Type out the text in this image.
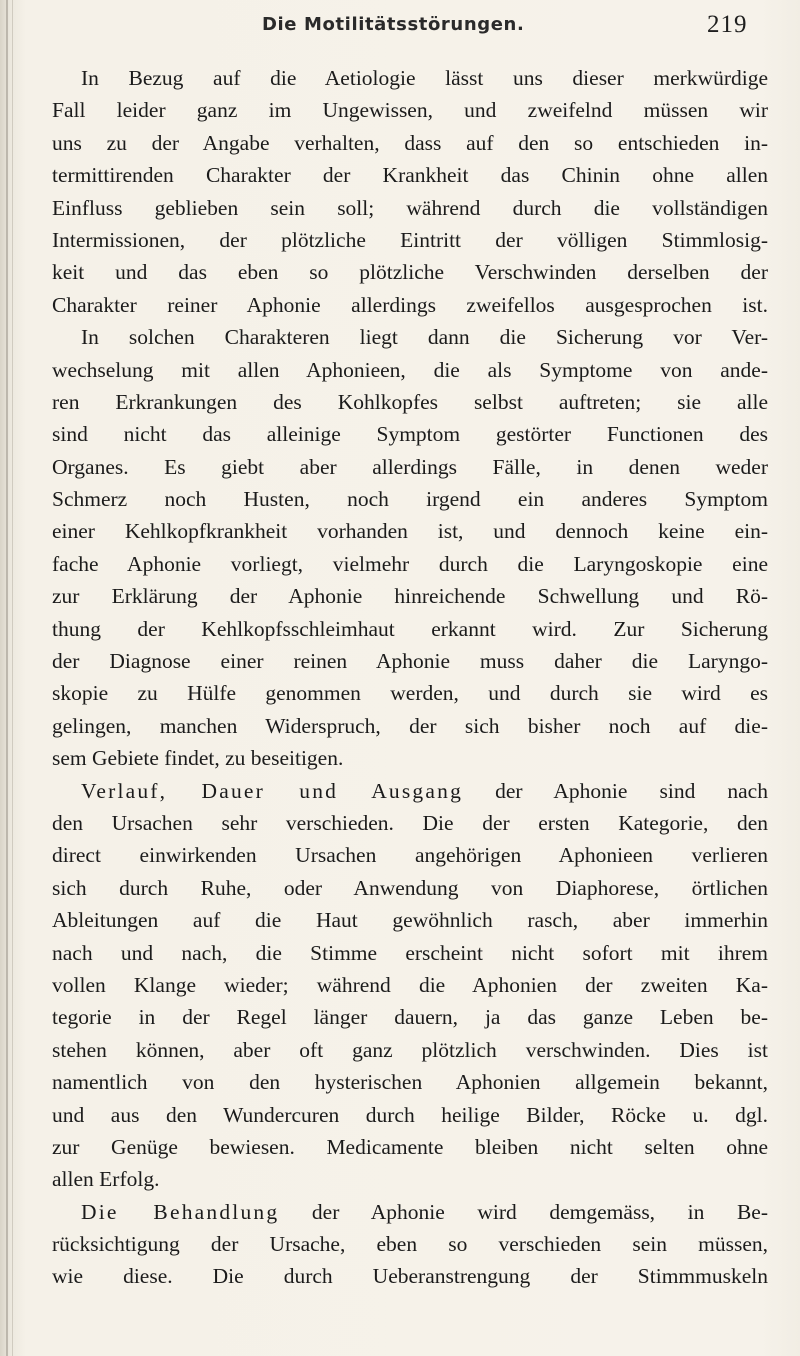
Die Motilitätsstörungen.	219
In Bezug auf die Aetiologie lässt uns dieser merkwürdige
Fall leider ganz im Ungewissen, und zweifelnd müssen wir
uns zu der Angabe verhalten, dass auf den so entschieden in-
termittirenden Charakter der Krankheit das Chinin ohne allen
Einfluss geblieben sein soll; während durch die vollständigen
Intermissionen, der plötzliche Eintritt der völligen Stimmlosig-
keit und das eben so plötzliche Verschwinden derselben der
Charakter reiner Aphonie allerdings zweifellos ausgesprochen ist.
In solchen Charakteren liegt dann die Sicherung vor Ver-
wechselung mit allen Aphonieen, die als Symptome von ande-
ren Erkrankungen des Kohlkopfes selbst auftreten; sie alle
sind nicht das alleinige Symptom gestörter Functionen des
Organes. Es giebt aber allerdings Fälle, in denen weder
Schmerz noch Husten, noch irgend ein anderes Symptom
einer Kehlkopfkrankheit vorhanden ist, und dennoch keine ein-
fache Aphonie vorliegt, vielmehr durch die Laryngoskopie eine
zur Erklärung der Aphonie hinreichende Schwellung und Rö-
thung der Kehlkopfsschleimhaut erkannt wird. Zur Sicherung
der Diagnose einer reinen Aphonie muss daher die Laryngo-
skopie zu Hülfe genommen werden, und durch sie wird es
gelingen, manchen Widerspruch, der sich bisher noch auf die-
sem Gebiete findet, zu beseitigen.
Verlauf, Dauer und Ausgang der Aphonie sind nach
den Ursachen sehr verschieden. Die der ersten Kategorie, den
direct einwirkenden Ursachen angehörigen Aphonieen verlieren
sich durch Ruhe, oder Anwendung von Diaphorese, örtlichen
Ableitungen auf die Haut gewöhnlich rasch, aber immerhin
nach und nach, die Stimme erscheint nicht sofort mit ihrem
vollen Klange wieder; während die Aphonien der zweiten Ka-
tegorie in der Regel länger dauern, ja das ganze Leben be-
stehen können, aber oft ganz plötzlich verschwinden. Dies ist
namentlich von den hysterischen Aphonien allgemein bekannt,
und aus den Wundercuren durch heilige Bilder, Röcke u. dgl.
zur Genüge bewiesen. Medicamente bleiben nicht selten ohne
allen Erfolg.
Die Behandlung der Aphonie wird demgemäss, in Be-
rücksichtigung der Ursache, eben so verschieden sein müssen,
wie diese. Die durch Ueberanstrengung der Stimmmuskeln
